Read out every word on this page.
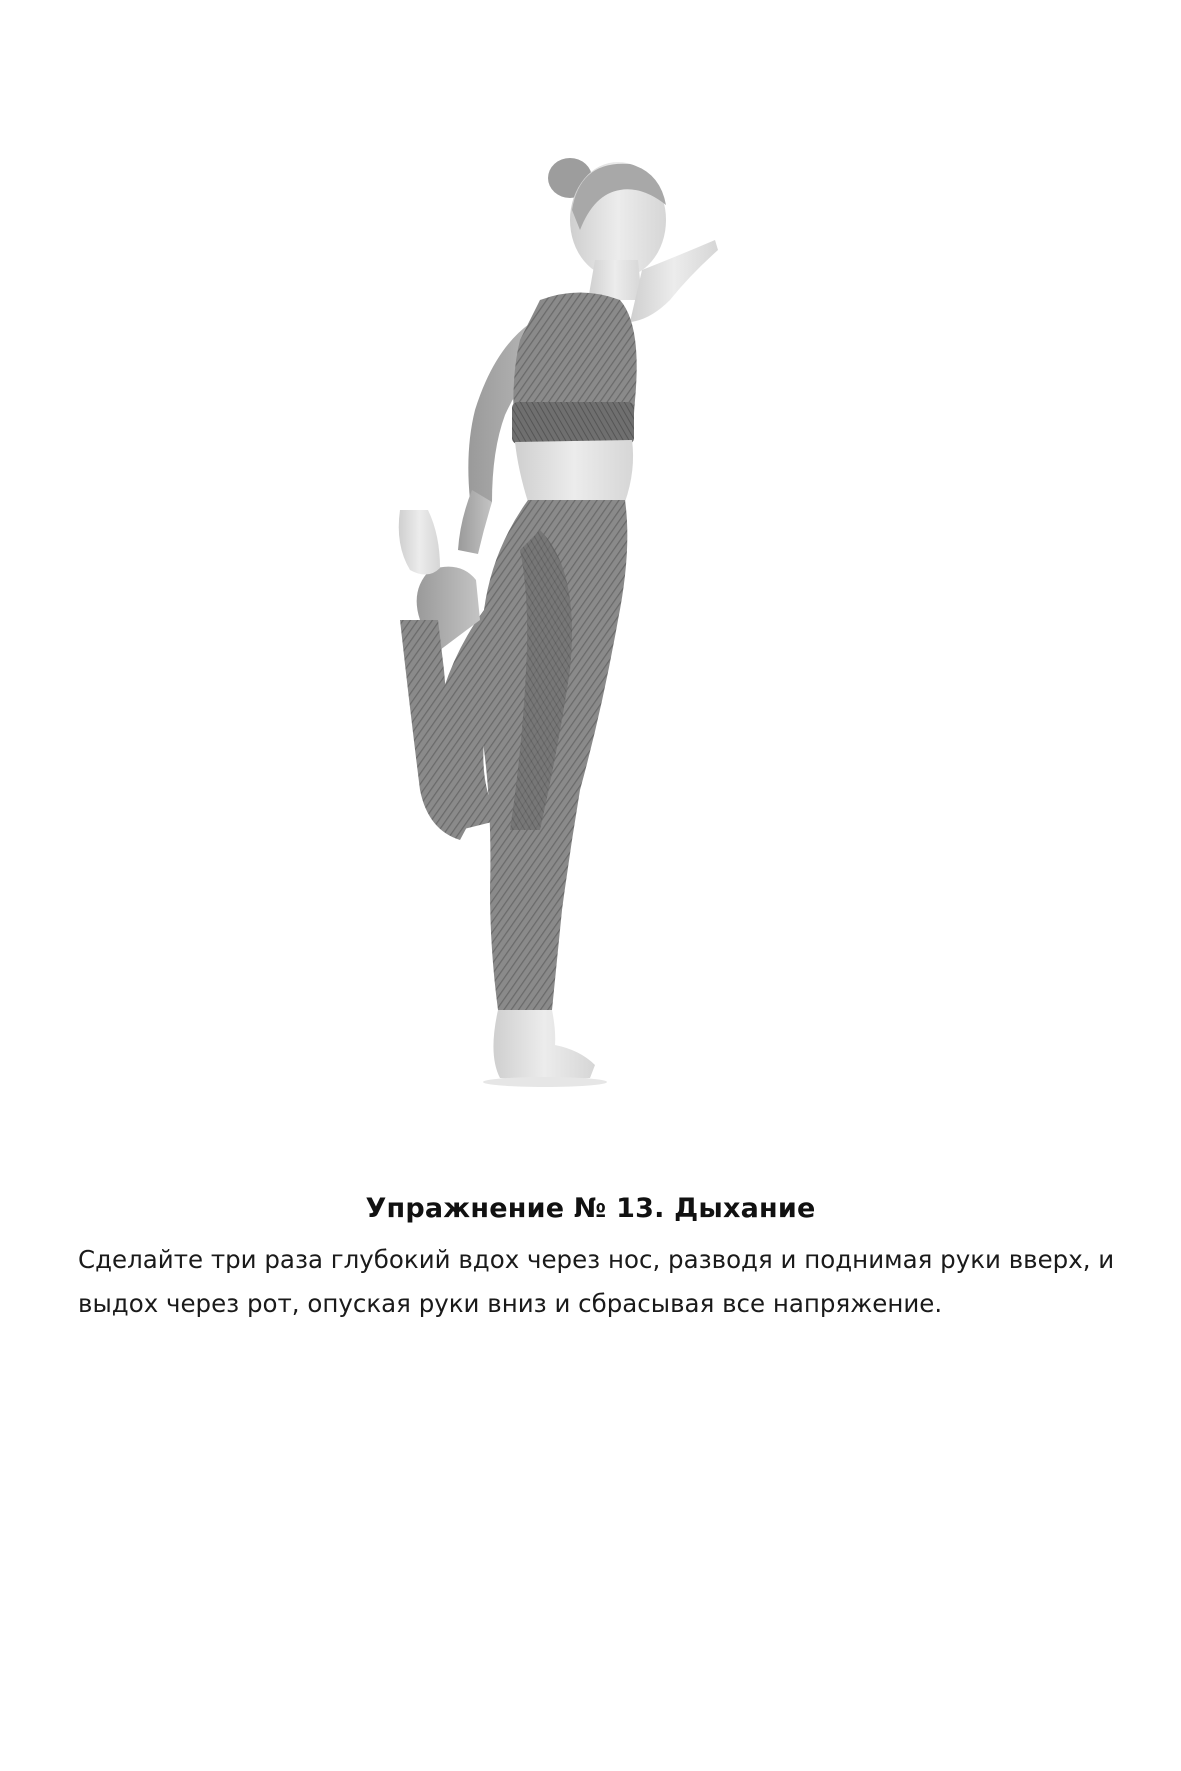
Упражнение № 13. Дыхание

Сделайте три раза глубокий вдох через нос, разводя и поднимая руки вверх, и выдох через рот, опуская руки вниз и сбрасывая все напряжение.
